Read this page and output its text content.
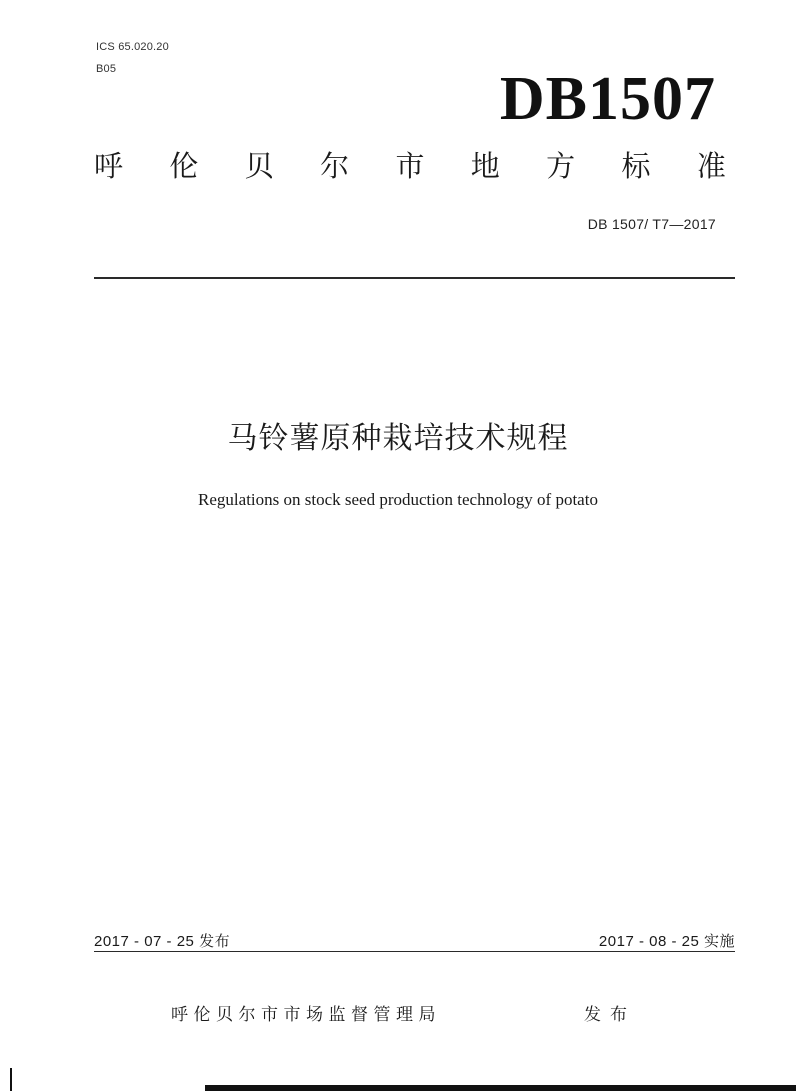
ICS 65.020.20
B05	DB1507
呼 伦 贝 尔 市 地 方 标 准
DB 1507/ T7—2017
马铃薯原种栽培技术规程
Regulations on stock seed production technology of potato
2017 - 07 - 25 发布	2017 - 08 - 25 实施
呼伦贝尔市市场监督管理局	发布
